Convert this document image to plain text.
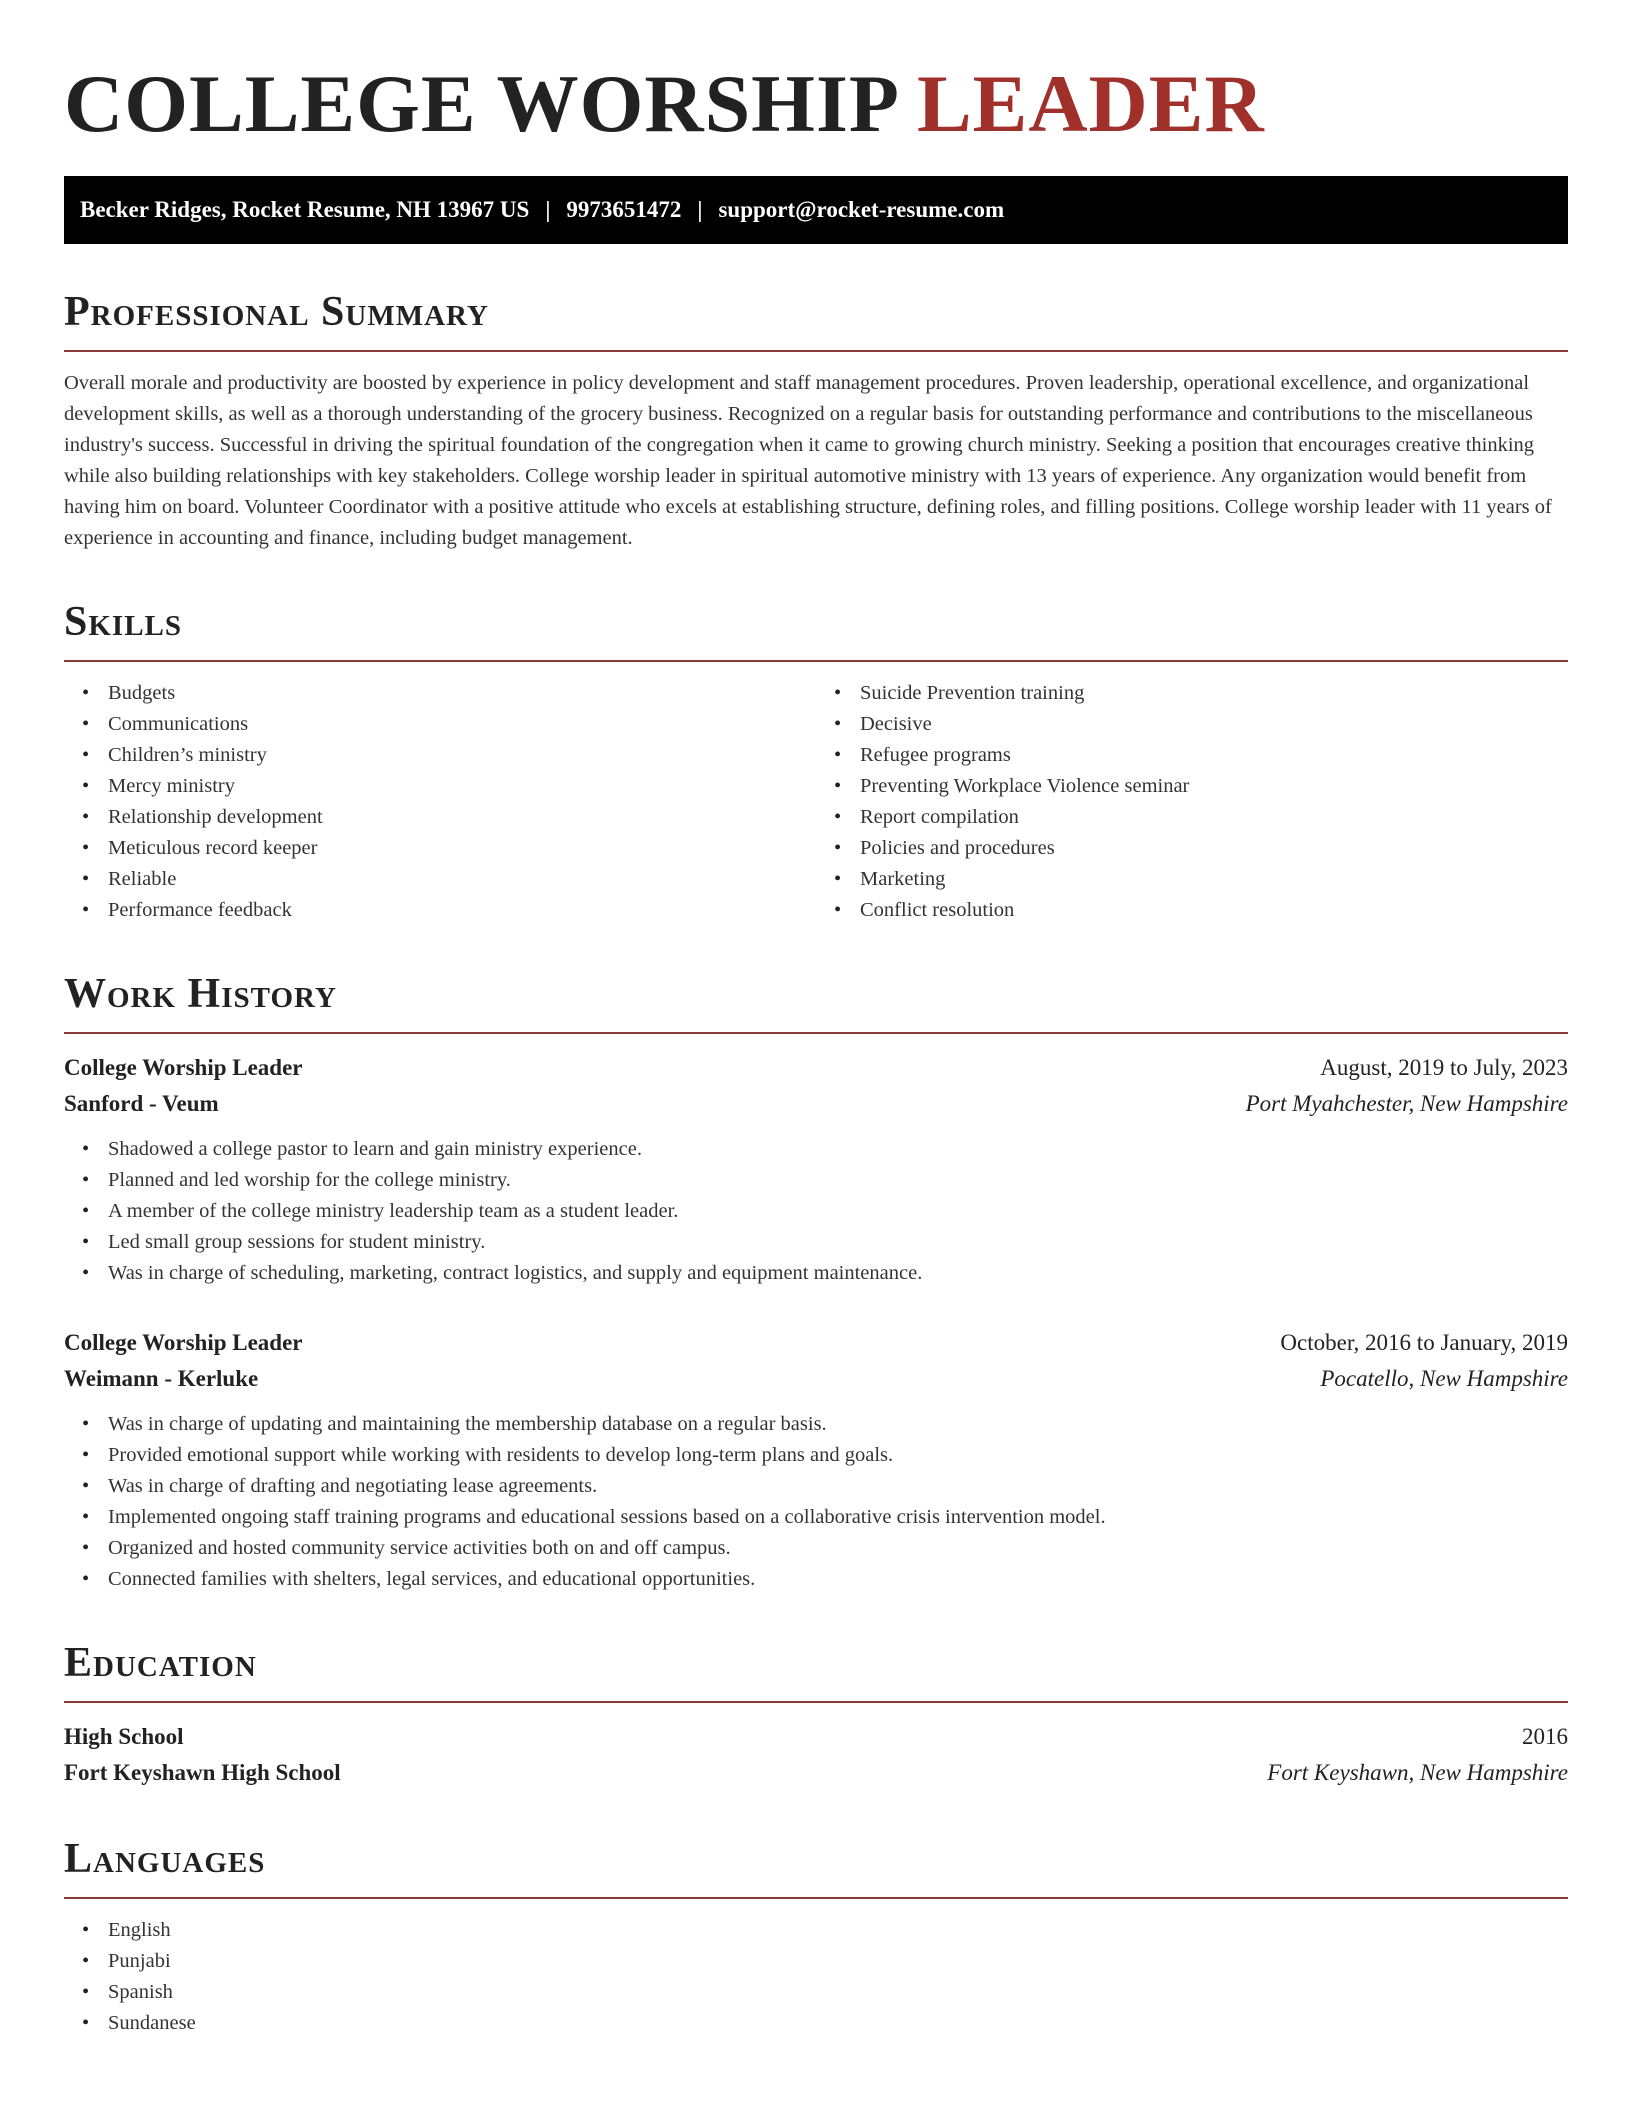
COLLEGE WORSHIP LEADER
Becker Ridges, Rocket Resume, NH 13967 US | 9973651472 | support@rocket-resume.com
Professional Summary

Overall morale and productivity are boosted by experience in policy development and staff management procedures. Proven leadership, operational excellence, and organizational development skills, as well as a thorough understanding of the grocery business. Recognized on a regular basis for outstanding performance and contributions to the miscellaneous industry's success. Successful in driving the spiritual foundation of the congregation when it came to growing church ministry. Seeking a position that encourages creative thinking while also building relationships with key stakeholders. College worship leader in spiritual automotive ministry with 13 years of experience. Any organization would benefit from having him on board. Volunteer Coordinator with a positive attitude who excels at establishing structure, defining roles, and filling positions. College worship leader with 11 years of experience in accounting and finance, including budget management.

Skills
• Budgets
• Communications
• Children’s ministry
• Mercy ministry
• Relationship development
• Meticulous record keeper
• Reliable
• Performance feedback
• Suicide Prevention training
• Decisive
• Refugee programs
• Preventing Workplace Violence seminar
• Report compilation
• Policies and procedures
• Marketing
• Conflict resolution
Work History
College Worship Leader	August, 2019 to July, 2023
Sanford - Veum	Port Myahchester, New Hampshire
• Shadowed a college pastor to learn and gain ministry experience.
• Planned and led worship for the college ministry.
• A member of the college ministry leadership team as a student leader.
• Led small group sessions for student ministry.
• Was in charge of scheduling, marketing, contract logistics, and supply and equipment maintenance.
College Worship Leader	October, 2016 to January, 2019
Weimann - Kerluke	Pocatello, New Hampshire
• Was in charge of updating and maintaining the membership database on a regular basis.
• Provided emotional support while working with residents to develop long-term plans and goals.
• Was in charge of drafting and negotiating lease agreements.
• Implemented ongoing staff training programs and educational sessions based on a collaborative crisis intervention model.
• Organized and hosted community service activities both on and off campus.
• Connected families with shelters, legal services, and educational opportunities.
Education
High School	2016
Fort Keyshawn High School	Fort Keyshawn, New Hampshire
Languages
• English
• Punjabi
• Spanish
• Sundanese
